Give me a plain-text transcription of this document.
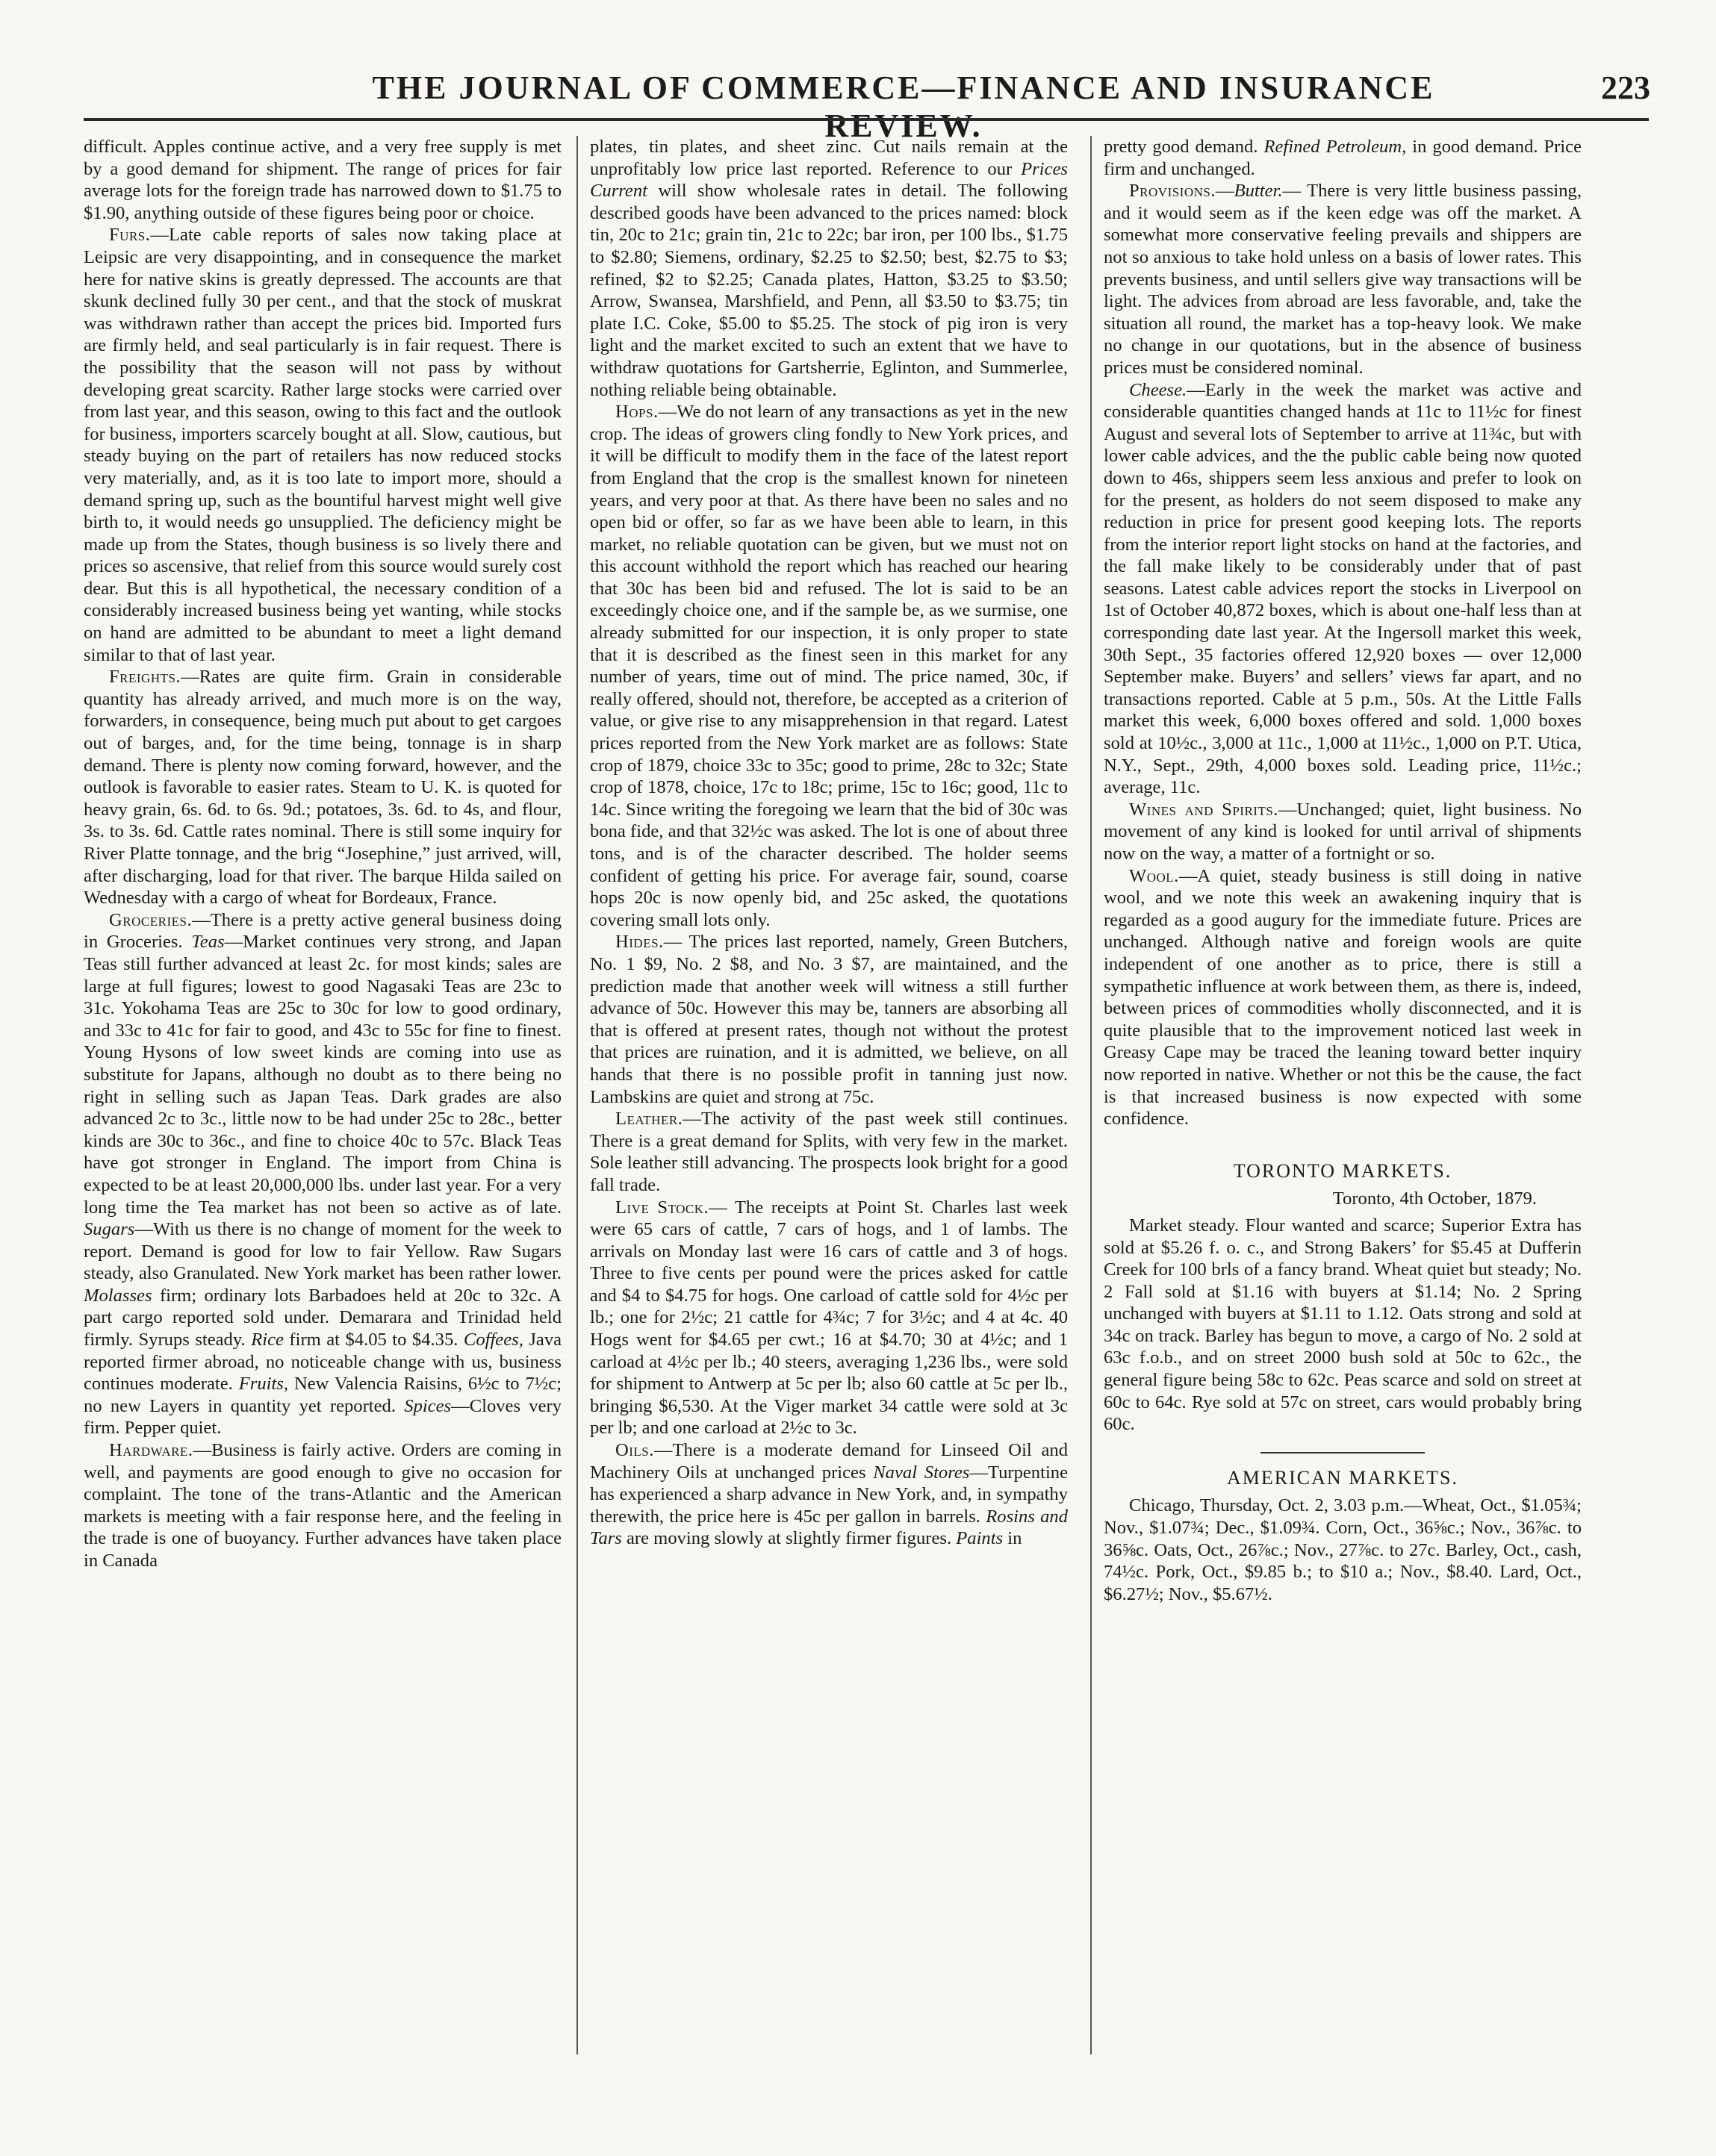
THE JOURNAL OF COMMERCE—FINANCE AND INSURANCE REVIEW.
223

difficult. Apples continue active, and a very free supply is met by a good demand for shipment. The range of prices for fair average lots for the foreign trade has narrowed down to $1.75 to $1.90, anything outside of these figures being poor or choice.

Furs.—Late cable reports of sales now taking place at Leipsic are very disappointing, and in consequence the market here for native skins is greatly depressed. The accounts are that skunk declined fully 30 per cent., and that the stock of muskrat was withdrawn rather than accept the prices bid. Imported furs are firmly held, and seal particularly is in fair request. There is the possibility that the season will not pass by without developing great scarcity. Rather large stocks were carried over from last year, and this season, owing to this fact and the outlook for business, importers scarcely bought at all. Slow, cautious, but steady buying on the part of retailers has now reduced stocks very materially, and, as it is too late to import more, should a demand spring up, such as the bountiful harvest might well give birth to, it would needs go unsupplied. The deficiency might be made up from the States, though business is so lively there and prices so ascensive, that relief from this source would surely cost dear. But this is all hypothetical, the necessary condition of a considerably increased business being yet wanting, while stocks on hand are admitted to be abundant to meet a light demand similar to that of last year.

Freights.—Rates are quite firm. Grain in considerable quantity has already arrived, and much more is on the way, forwarders, in consequence, being much put about to get cargoes out of barges, and, for the time being, tonnage is in sharp demand. There is plenty now coming forward, however, and the outlook is favorable to easier rates. Steam to U. K. is quoted for heavy grain, 6s. 6d. to 6s. 9d.; potatoes, 3s. 6d. to 4s, and flour, 3s. to 3s. 6d. Cattle rates nominal. There is still some inquiry for River Platte tonnage, and the brig “Josephine,” just arrived, will, after discharging, load for that river. The barque Hilda sailed on Wednesday with a cargo of wheat for Bordeaux, France.

Groceries.—There is a pretty active general business doing in Groceries. Teas—Market continues very strong, and Japan Teas still further advanced at least 2c. for most kinds; sales are large at full figures; lowest to good Nagasaki Teas are 23c to 31c. Yokohama Teas are 25c to 30c for low to good ordinary, and 33c to 41c for fair to good, and 43c to 55c for fine to finest. Young Hysons of low sweet kinds are coming into use as substitute for Japans, although no doubt as to there being no right in selling such as Japan Teas. Dark grades are also advanced 2c to 3c., little now to be had under 25c to 28c., better kinds are 30c to 36c., and fine to choice 40c to 57c. Black Teas have got stronger in England. The import from China is expected to be at least 20,000,000 lbs. under last year. For a very long time the Tea market has not been so active as of late. Sugars—With us there is no change of moment for the week to report. Demand is good for low to fair Yellow. Raw Sugars steady, also Granulated. New York market has been rather lower. Molasses firm; ordinary lots Barbadoes held at 20c to 32c. A part cargo reported sold under. Demarara and Trinidad held firmly. Syrups steady. Rice firm at $4.05 to $4.35. Coffees, Java reported firmer abroad, no noticeable change with us, business continues moderate. Fruits, New Valencia Raisins, 6½c to 7½c; no new Layers in quantity yet reported. Spices—Cloves very firm. Pepper quiet.

Hardware.—Business is fairly active. Orders are coming in well, and payments are good enough to give no occasion for complaint. The tone of the trans-Atlantic and the American markets is meeting with a fair response here, and the feeling in the trade is one of buoyancy. Further advances have taken place in Canada

plates, tin plates, and sheet zinc. Cut nails remain at the unprofitably low price last reported. Reference to our Prices Current will show wholesale rates in detail. The following described goods have been advanced to the prices named: block tin, 20c to 21c; grain tin, 21c to 22c; bar iron, per 100 lbs., $1.75 to $2.80; Siemens, ordinary, $2.25 to $2.50; best, $2.75 to $3; refined, $2 to $2.25; Canada plates, Hatton, $3.25 to $3.50; Arrow, Swansea, Marshfield, and Penn, all $3.50 to $3.75; tin plate I.C. Coke, $5.00 to $5.25. The stock of pig iron is very light and the market excited to such an extent that we have to withdraw quotations for Gartsherrie, Eglinton, and Summerlee, nothing reliable being obtainable.

Hops.—We do not learn of any transactions as yet in the new crop. The ideas of growers cling fondly to New York prices, and it will be difficult to modify them in the face of the latest report from England that the crop is the smallest known for nineteen years, and very poor at that. As there have been no sales and no open bid or offer, so far as we have been able to learn, in this market, no reliable quotation can be given, but we must not on this account withhold the report which has reached our hearing that 30c has been bid and refused. The lot is said to be an exceedingly choice one, and if the sample be, as we surmise, one already submitted for our inspection, it is only proper to state that it is described as the finest seen in this market for any number of years, time out of mind. The price named, 30c, if really offered, should not, therefore, be accepted as a criterion of value, or give rise to any misapprehension in that regard. Latest prices reported from the New York market are as follows: State crop of 1879, choice 33c to 35c; good to prime, 28c to 32c; State crop of 1878, choice, 17c to 18c; prime, 15c to 16c; good, 11c to 14c. Since writing the foregoing we learn that the bid of 30c was bona fide, and that 32½c was asked. The lot is one of about three tons, and is of the character described. The holder seems confident of getting his price. For average fair, sound, coarse hops 20c is now openly bid, and 25c asked, the quotations covering small lots only.

Hides.— The prices last reported, namely, Green Butchers, No. 1 $9, No. 2 $8, and No. 3 $7, are maintained, and the prediction made that another week will witness a still further advance of 50c. However this may be, tanners are absorbing all that is offered at present rates, though not without the protest that prices are ruination, and it is admitted, we believe, on all hands that there is no possible profit in tanning just now. Lambskins are quiet and strong at 75c.

Leather.—The activity of the past week still continues. There is a great demand for Splits, with very few in the market. Sole leather still advancing. The prospects look bright for a good fall trade.

Live Stock.— The receipts at Point St. Charles last week were 65 cars of cattle, 7 cars of hogs, and 1 of lambs. The arrivals on Monday last were 16 cars of cattle and 3 of hogs. Three to five cents per pound were the prices asked for cattle and $4 to $4.75 for hogs. One carload of cattle sold for 4½c per lb.; one for 2½c; 21 cattle for 4¾c; 7 for 3½c; and 4 at 4c. 40 Hogs went for $4.65 per cwt.; 16 at $4.70; 30 at 4½c; and 1 carload at 4½c per lb.; 40 steers, averaging 1,236 lbs., were sold for shipment to Antwerp at 5c per lb; also 60 cattle at 5c per lb., bringing $6,530. At the Viger market 34 cattle were sold at 3c per lb; and one carload at 2½c to 3c.

Oils.—There is a moderate demand for Linseed Oil and Machinery Oils at unchanged prices Naval Stores—Turpentine has experienced a sharp advance in New York, and, in sympathy therewith, the price here is 45c per gallon in barrels. Rosins and Tars are moving slowly at slightly firmer figures. Paints in

pretty good demand. Refined Petroleum, in good demand. Price firm and unchanged.

Provisions.—Butter.— There is very little business passing, and it would seem as if the keen edge was off the market. A somewhat more conservative feeling prevails and shippers are not so anxious to take hold unless on a basis of lower rates. This prevents business, and until sellers give way transactions will be light. The advices from abroad are less favorable, and, take the situation all round, the market has a top-heavy look. We make no change in our quotations, but in the absence of business prices must be considered nominal.

Cheese.—Early in the week the market was active and considerable quantities changed hands at 11c to 11½c for finest August and several lots of September to arrive at 11¾c, but with lower cable advices, and the the public cable being now quoted down to 46s, shippers seem less anxious and prefer to look on for the present, as holders do not seem disposed to make any reduction in price for present good keeping lots. The reports from the interior report light stocks on hand at the factories, and the fall make likely to be considerably under that of past seasons. Latest cable advices report the stocks in Liverpool on 1st of October 40,872 boxes, which is about one-half less than at corresponding date last year. At the Ingersoll market this week, 30th Sept., 35 factories offered 12,920 boxes — over 12,000 September make. Buyers’ and sellers’ views far apart, and no transactions reported. Cable at 5 p.m., 50s. At the Little Falls market this week, 6,000 boxes offered and sold. 1,000 boxes sold at 10½c., 3,000 at 11c., 1,000 at 11½c., 1,000 on P.T. Utica, N.Y., Sept., 29th, 4,000 boxes sold. Leading price, 11½c.; average, 11c.

Wines and Spirits.—Unchanged; quiet, light business. No movement of any kind is looked for until arrival of shipments now on the way, a matter of a fortnight or so.

Wool.—A quiet, steady business is still doing in native wool, and we note this week an awakening inquiry that is regarded as a good augury for the immediate future. Prices are unchanged. Although native and foreign wools are quite independent of one another as to price, there is still a sympathetic influence at work between them, as there is, indeed, between prices of commodities wholly disconnected, and it is quite plausible that to the improvement noticed last week in Greasy Cape may be traced the leaning toward better inquiry now reported in native. Whether or not this be the cause, the fact is that increased business is now expected with some confidence.

TORONTO MARKETS.

Toronto, 4th October, 1879.

Market steady. Flour wanted and scarce; Superior Extra has sold at $5.26 f. o. c., and Strong Bakers’ for $5.45 at Dufferin Creek for 100 brls of a fancy brand. Wheat quiet but steady; No. 2 Fall sold at $1.16 with buyers at $1.14; No. 2 Spring unchanged with buyers at $1.11 to 1.12. Oats strong and sold at 34c on track. Barley has begun to move, a cargo of No. 2 sold at 63c f.o.b., and on street 2000 bush sold at 50c to 62c., the general figure being 58c to 62c. Peas scarce and sold on street at 60c to 64c. Rye sold at 57c on street, cars would probably bring 60c.

AMERICAN MARKETS.

Chicago, Thursday, Oct. 2, 3.03 p.m.—Wheat, Oct., $1.05¾; Nov., $1.07¾; Dec., $1.09¾. Corn, Oct., 36⅝c.; Nov., 36⅞c. to 36⅝c. Oats, Oct., 26⅞c.; Nov., 27⅞c. to 27c. Barley, Oct., cash, 74½c. Pork, Oct., $9.85 b.; to $10 a.; Nov., $8.40. Lard, Oct., $6.27½; Nov., $5.67½.
